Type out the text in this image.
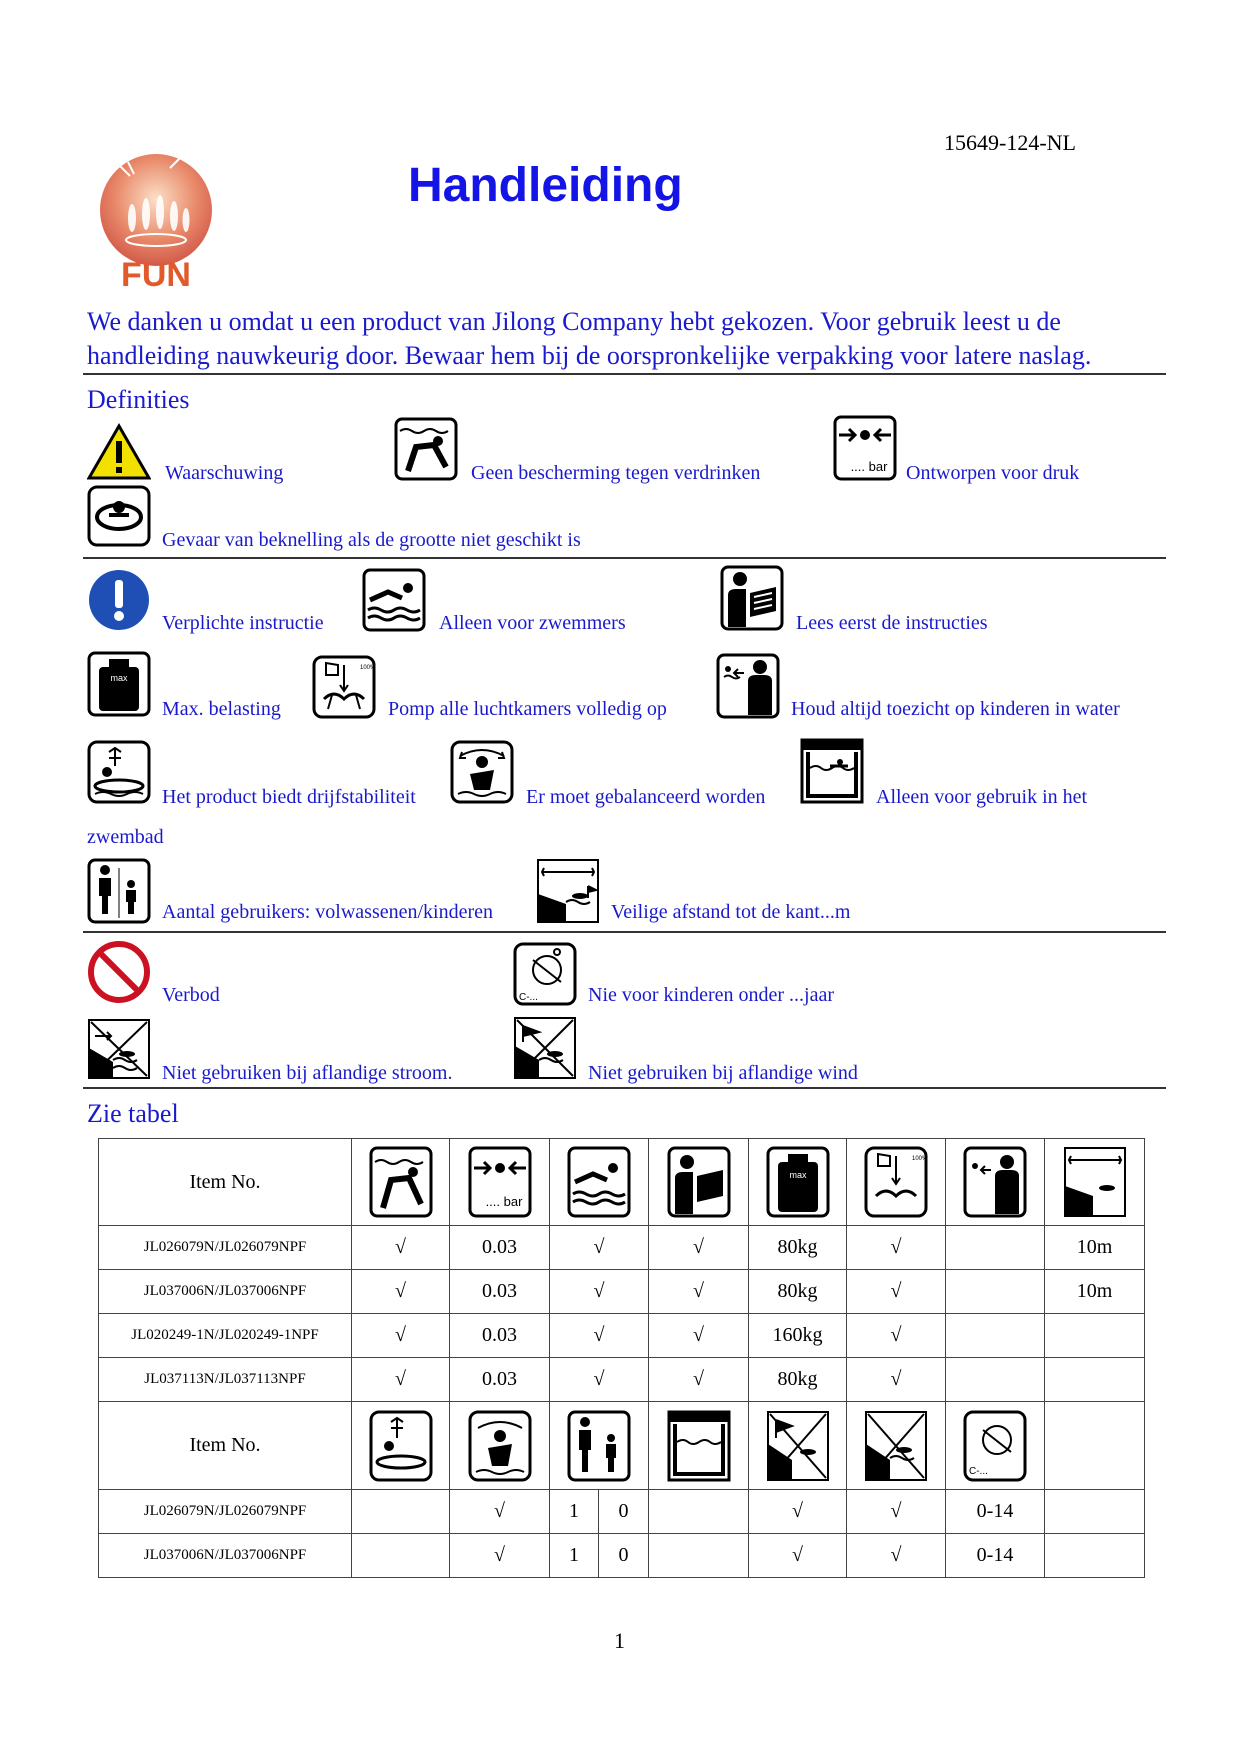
15649-124-NL
FUN
Handleiding
We danken u omdat u een product van Jilong Company hebt gekozen. Voor gebruik leest u de handleiding nauwkeurig door. Bewaar hem bij de oorspronkelijke verpakking voor latere naslag.
Definities
Waarschuwing	Geen bescherming tegen verdrinken	.... bar Ontworpen voor druk
Gevaar van beknelling als de grootte niet geschikt is
Verplichte instructie	Alleen voor zwemmers	Lees eerst de instructies
max
Max. belasting
100%
Pomp alle luchtkamers volledig op	Houd altijd toezicht op kinderen in water
Het product biedt drijfstabiliteit	Er moet gebalanceerd worden	Alleen voor gebruik in het
zwembad
Aantal gebruikers: volwassenen/kinderen	Veilige afstand tot de kant...m
Verbod	C-...	Nie voor kinderen onder ...jaar
Niet gebruiken bij aflandige stroom.	Niet gebruiken bij aflandige wind
Zie tabel
Item No.		.... bar				max	100%

JL026079N/JL026079NPF	√	0.03	√		√	80kg	√		10m
JL037006N/JL037006NPF	√	0.03	√		√	80kg	√		10m
JL020249-1N/JL020249-1NPF	√	0.03	√		√	160kg	√		
JL037113N/JL037113NPF	√	0.03	√		√	80kg	√		
Item No.								C-...	

JL026079N/JL026079NPF		√	1	0		√	√	0-14	
JL037006N/JL037006NPF		√	1	0		√	√	0-14	
1
